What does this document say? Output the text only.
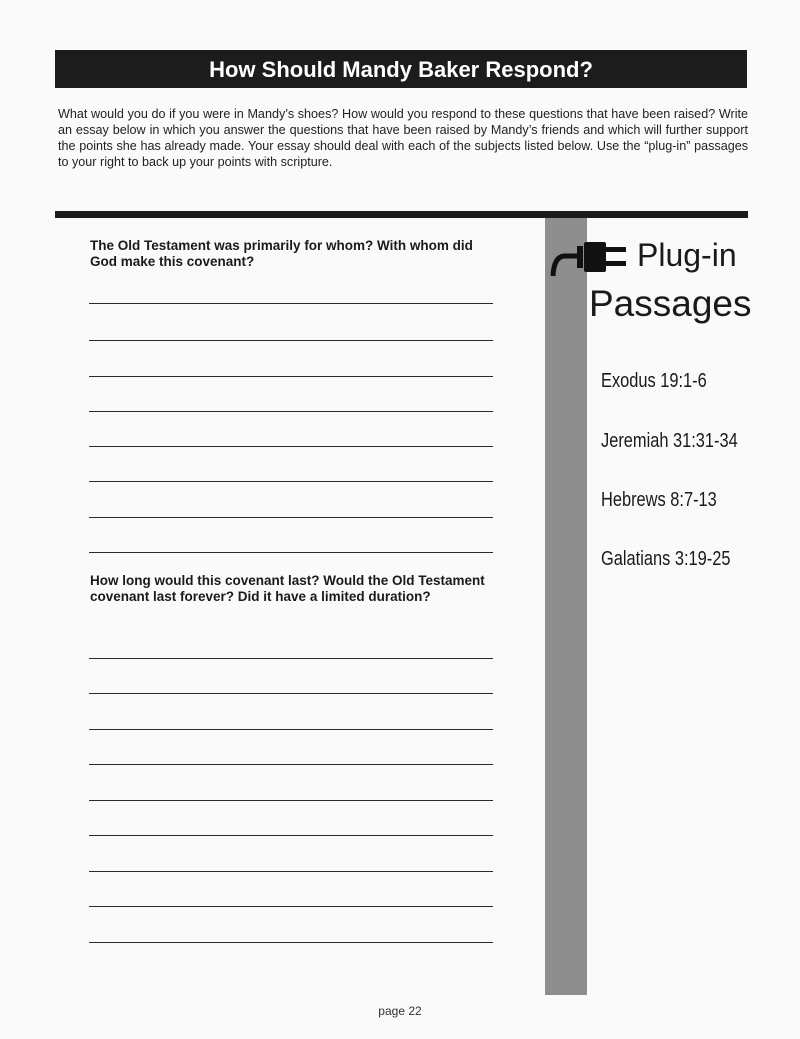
How Should Mandy Baker Respond?
What would you do if you were in Mandy’s shoes? How would you respond to these questions that have been raised? Write an essay below in which you answer the questions that have been raised by Mandy’s friends and which will further support the points she has already made. Your essay should deal with each of the subjects listed below. Use the “plug-in” passages to your right to back up your points with scripture.
Plug-in
Passages
Exodus 19:1-6
Jeremiah 31:31-34
Hebrews 8:7-13
Galatians 3:19-25
The Old Testament was primarily for whom? With whom did God make this covenant?
How long would this covenant last? Would the Old Testament covenant last forever? Did it have a limited duration?
page 22
